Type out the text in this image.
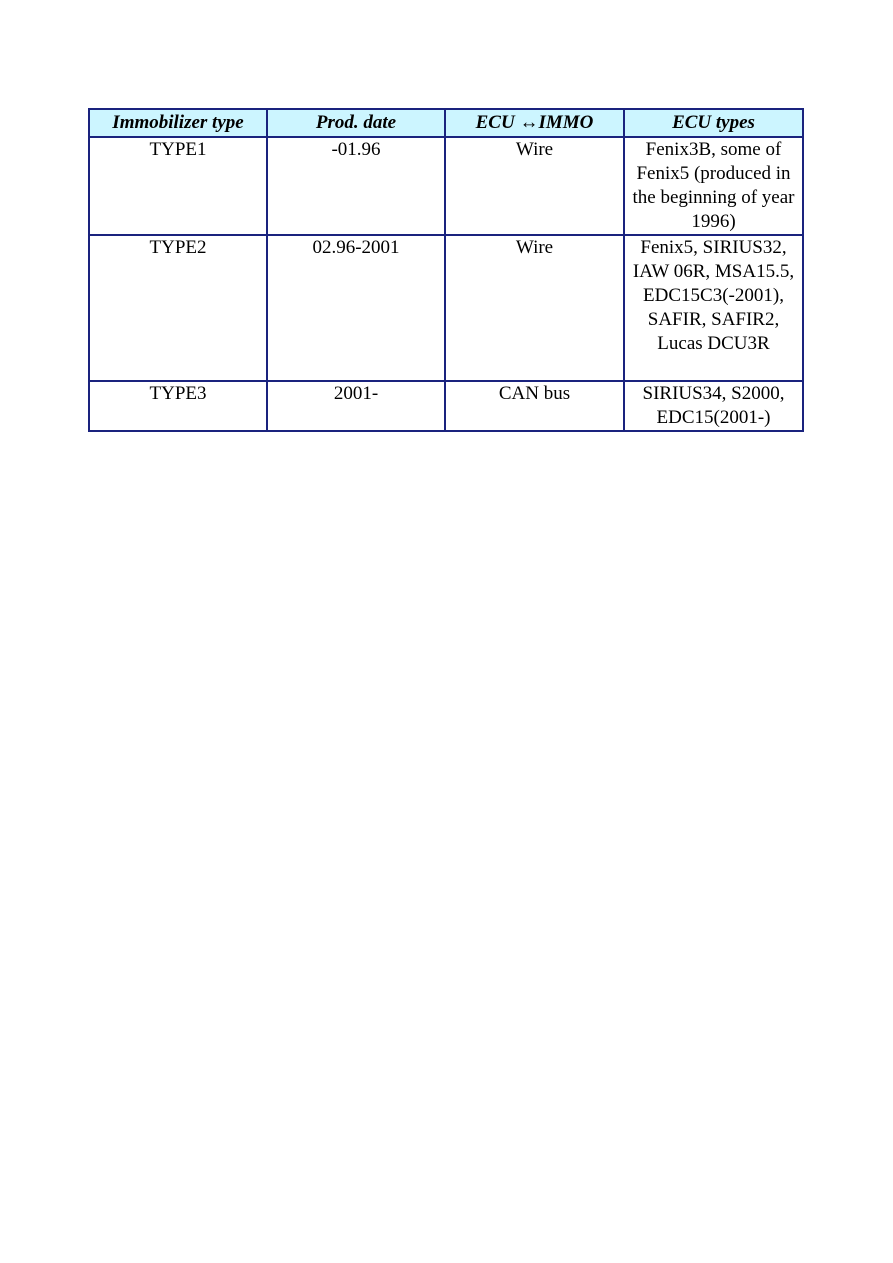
Immobilizer type	Prod. date	ECU ↔IMMO	ECU types
TYPE1	-01.96	Wire	Fenix3B, some of Fenix5 (produced in the beginning of year 1996)
TYPE2	02.96-2001	Wire	Fenix5, SIRIUS32, IAW 06R, MSA15.5, EDC15C3(-2001), SAFIR, SAFIR2, Lucas DCU3R
TYPE3	2001-	CAN bus	SIRIUS34, S2000, EDC15(2001-)
